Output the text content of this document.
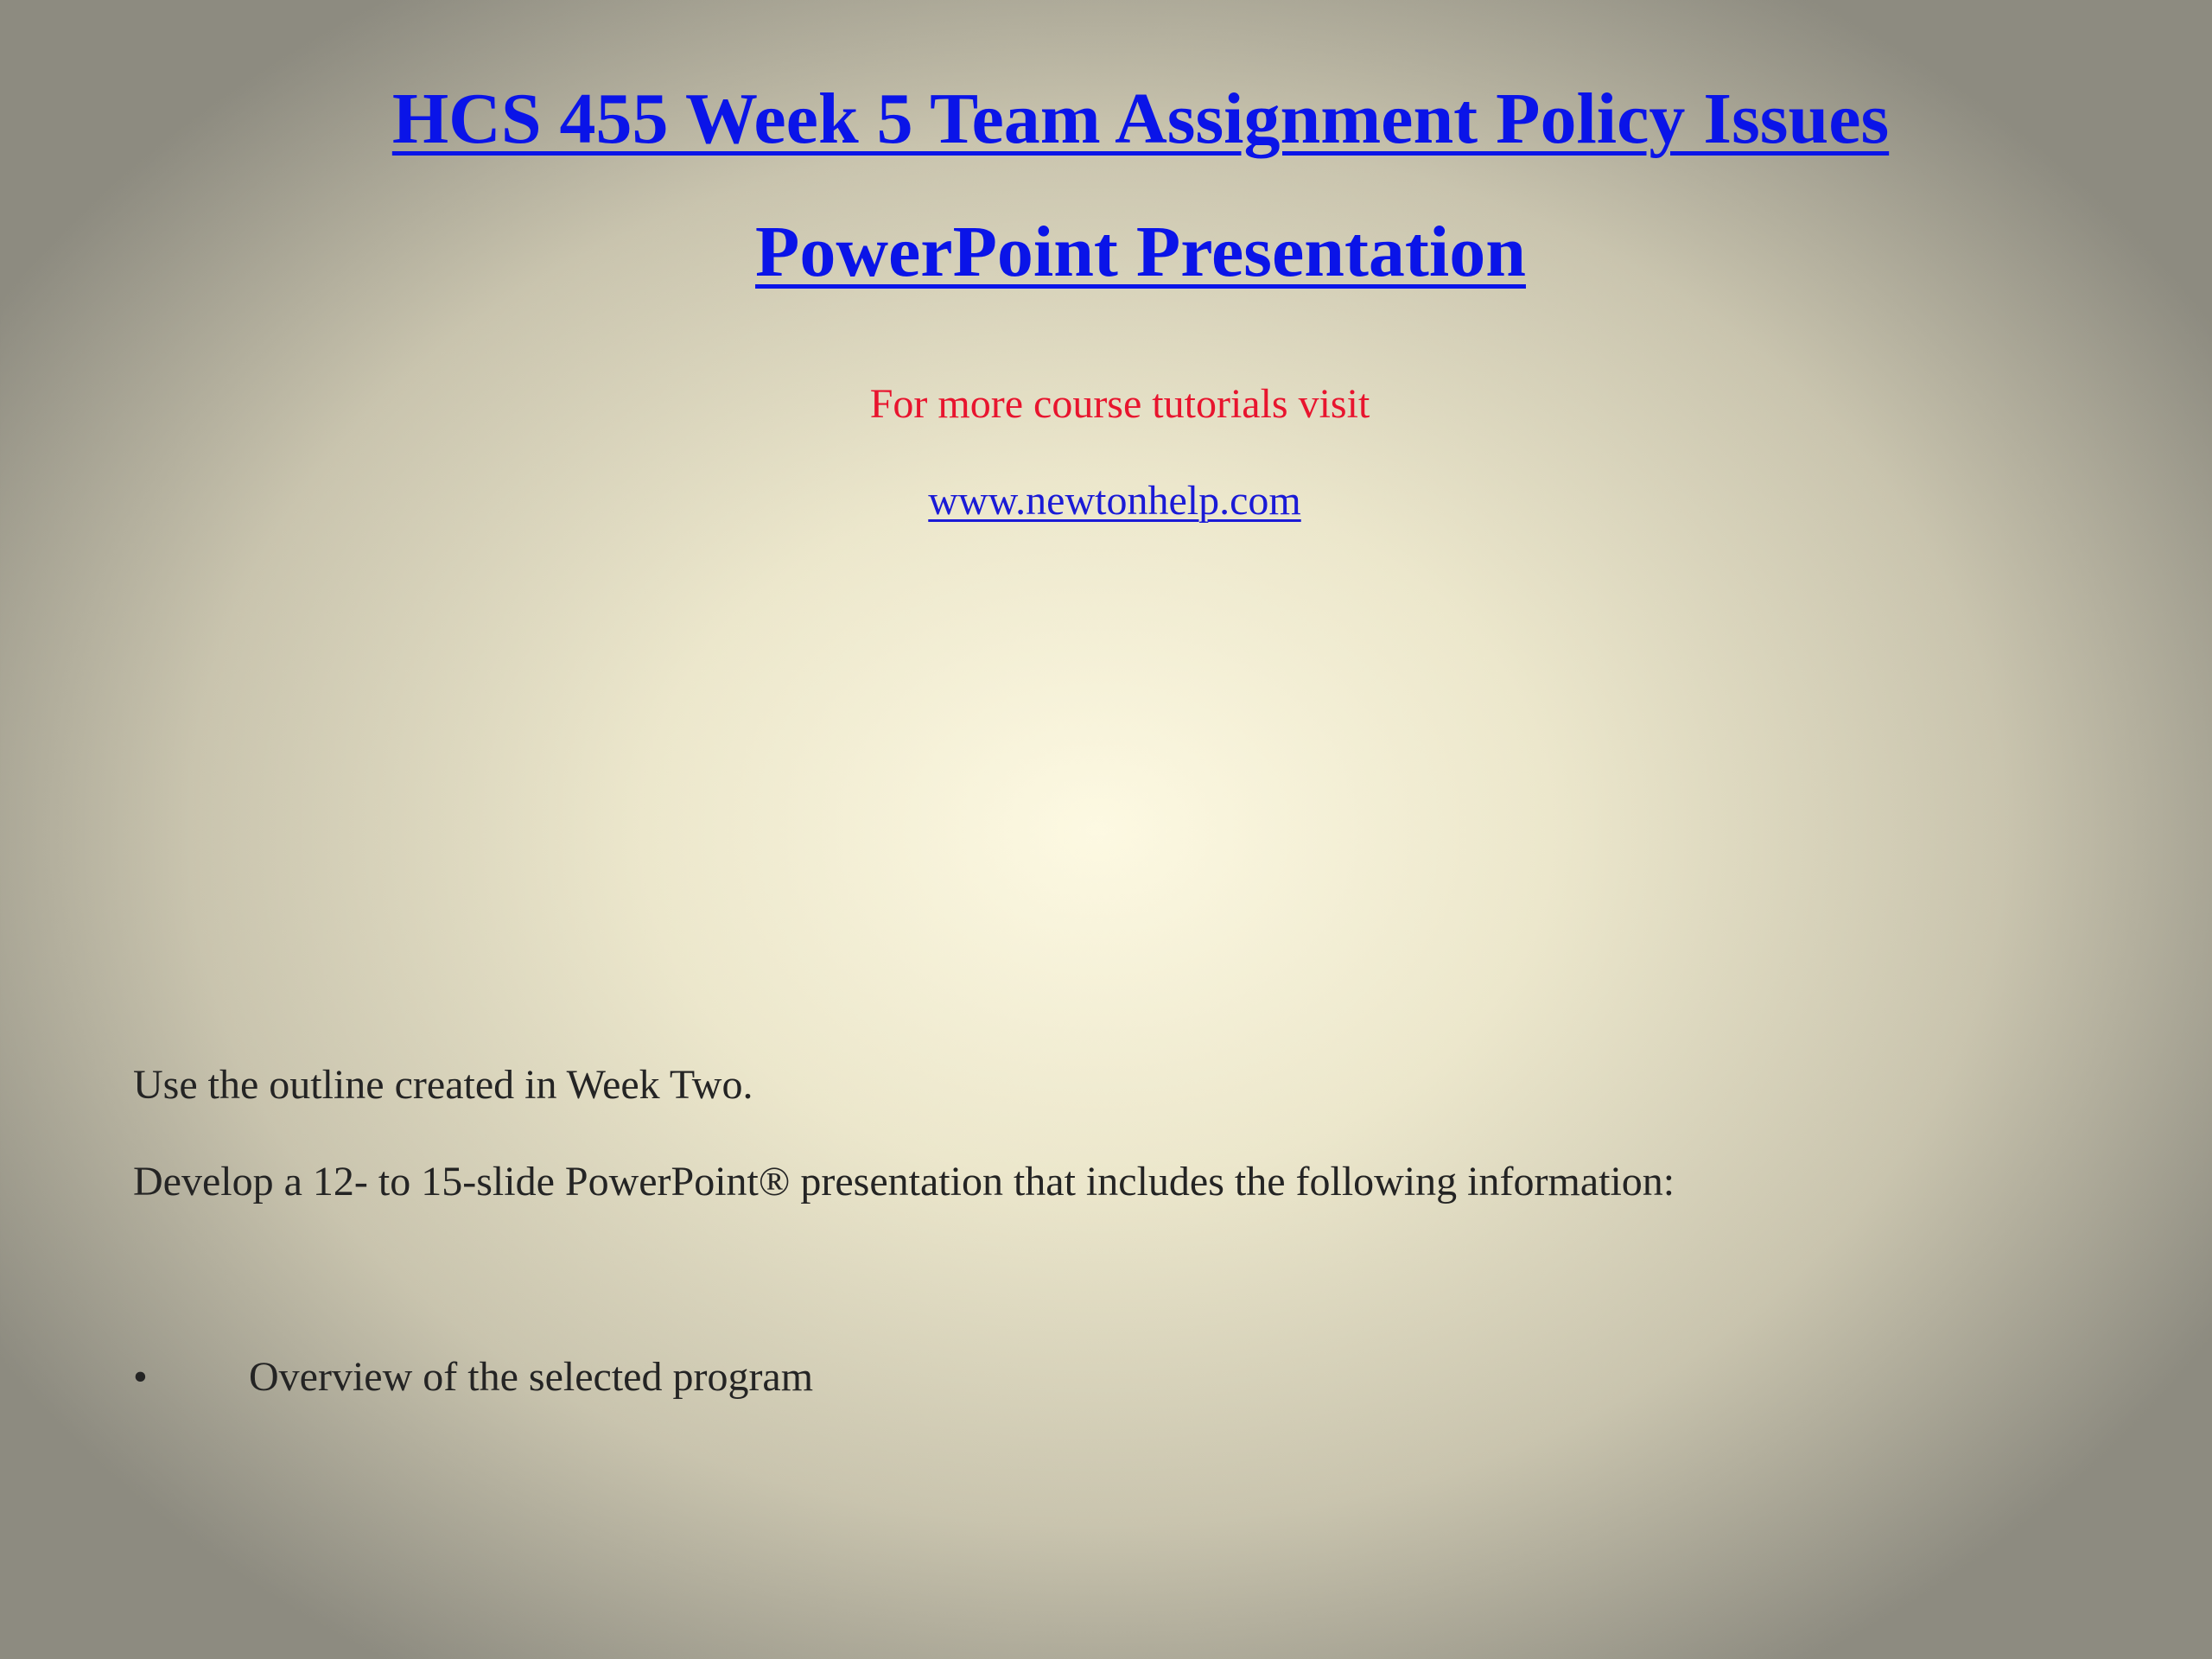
HCS 455 Week 5 Team Assignment Policy Issues
PowerPoint Presentation
For more course tutorials visit
www.newtonhelp.com
Use the outline created in Week Two.
Develop a 12- to 15-slide PowerPoint® presentation that includes the following information:
• Overview of the selected program
